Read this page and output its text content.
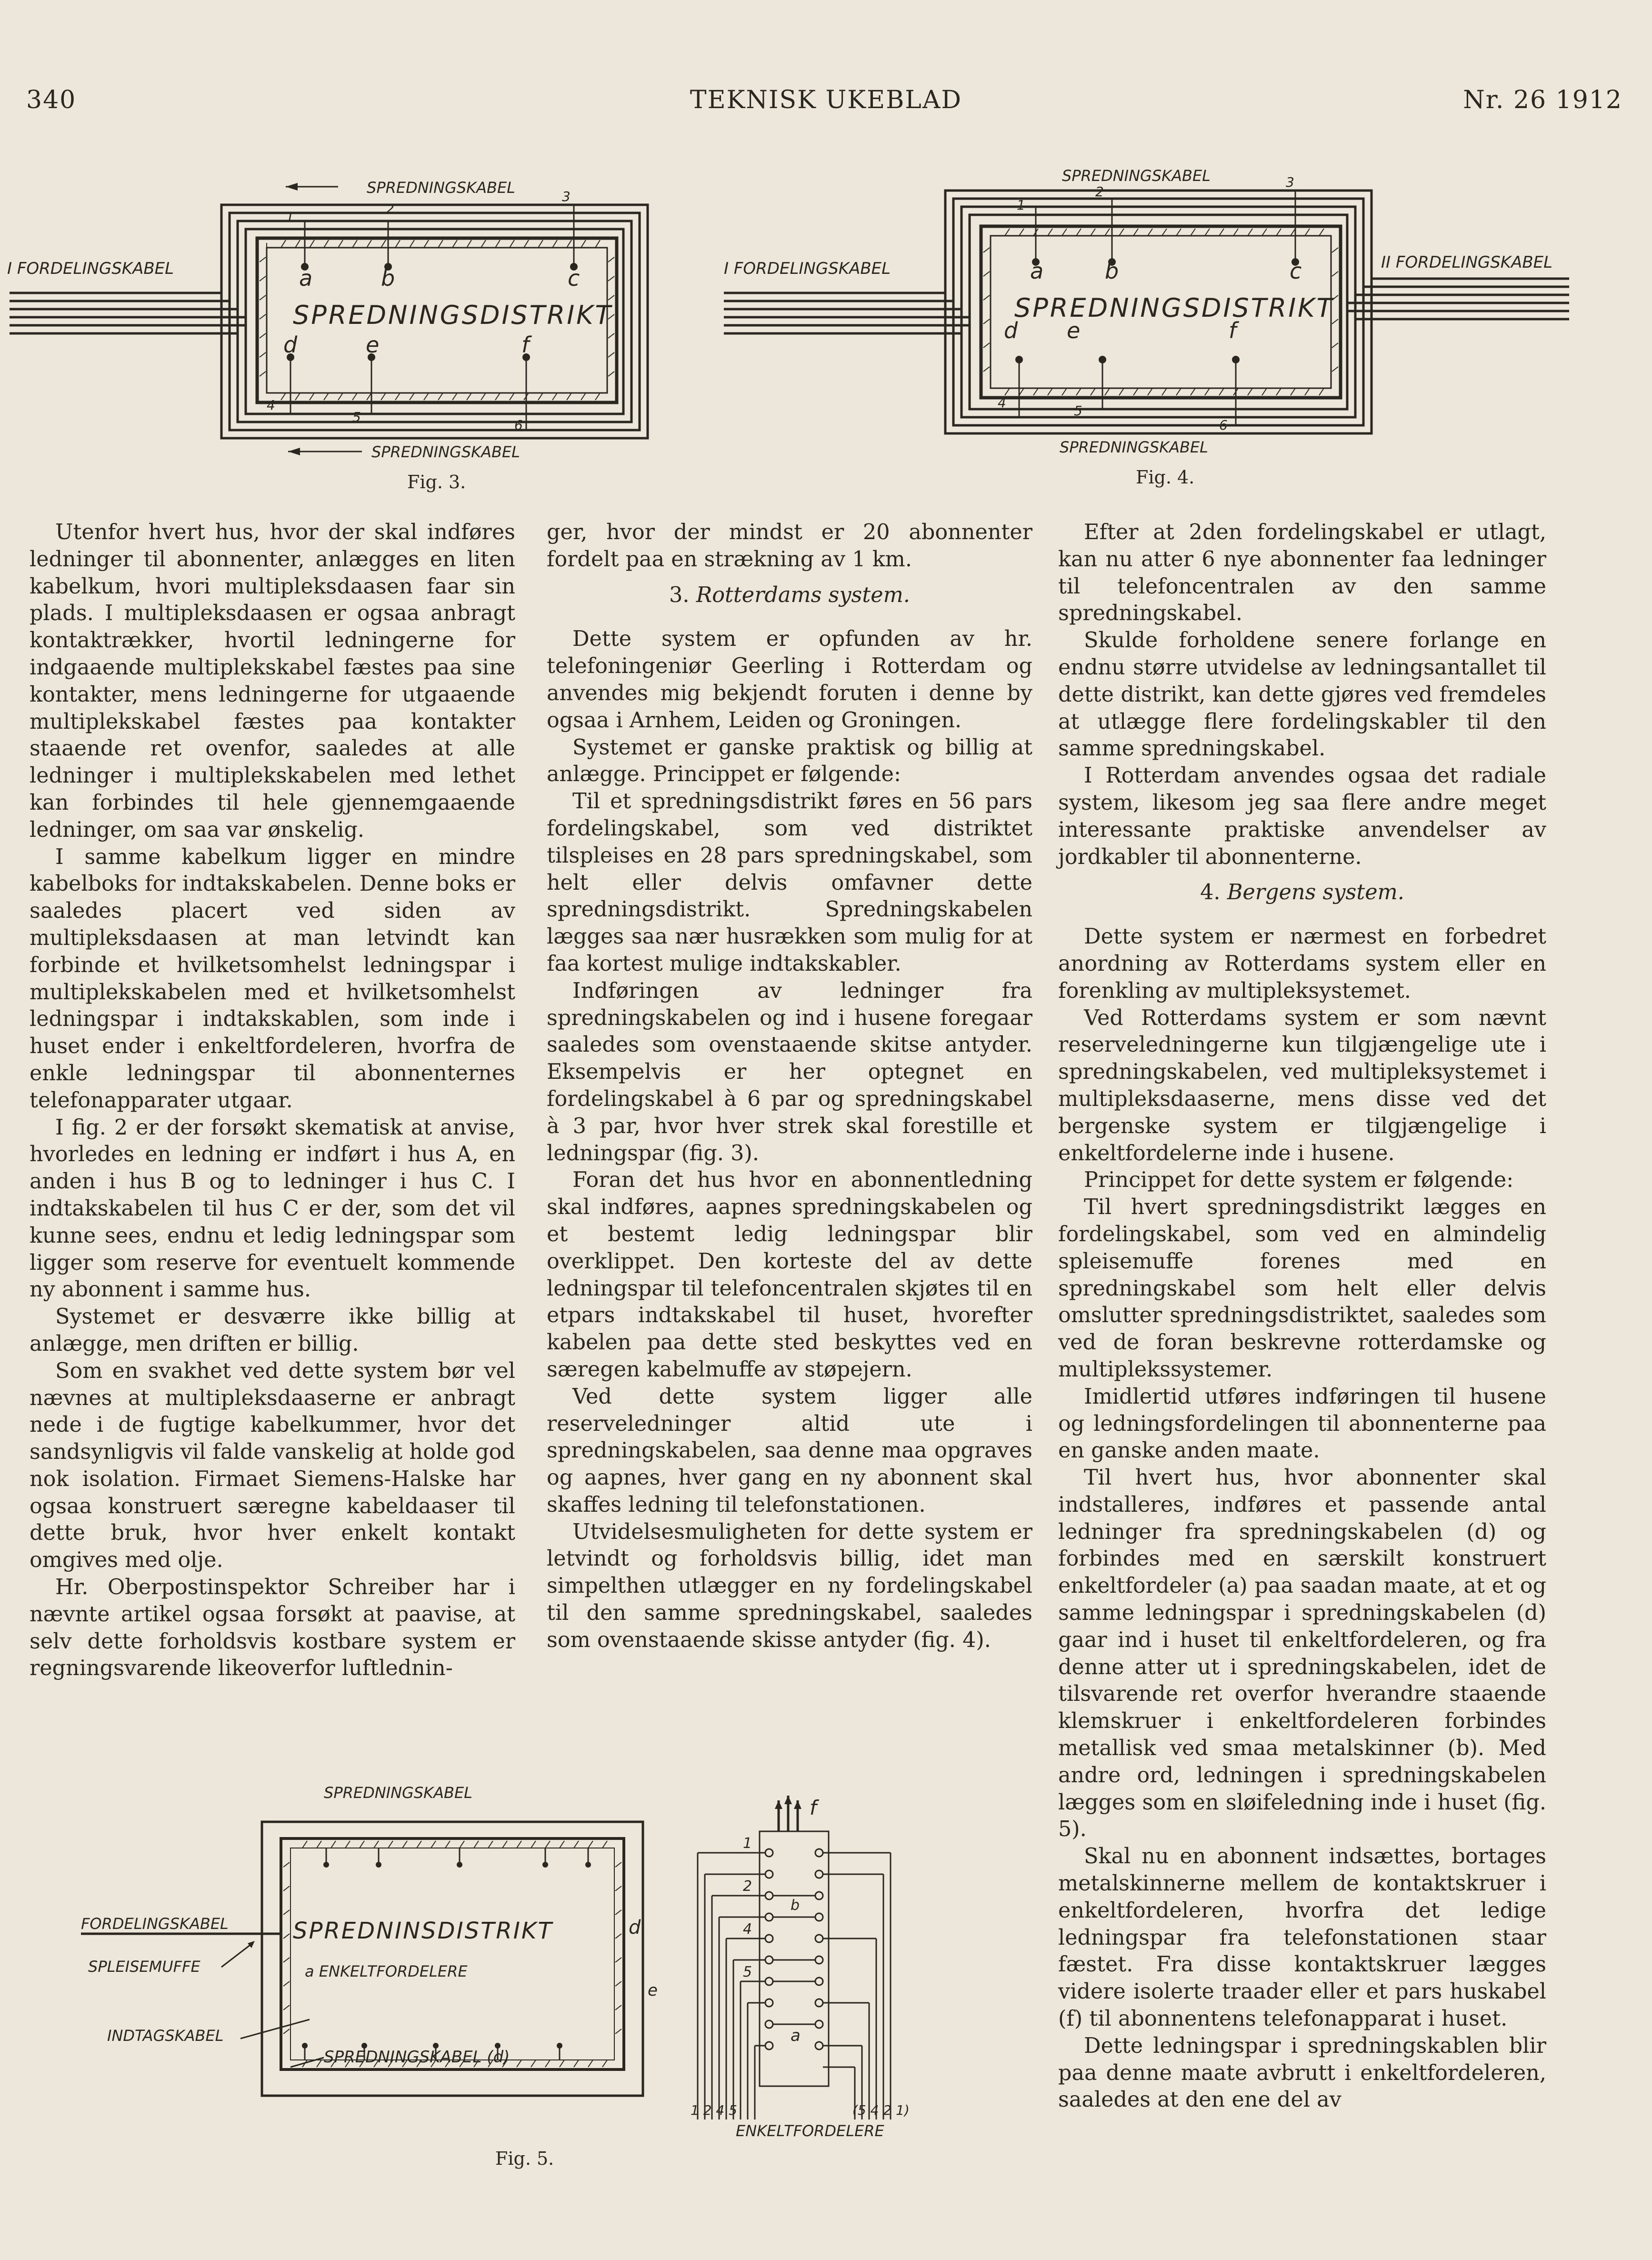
340	TEKNISK UKEBLAD	Nr. 26 1912
SPREDNINGSKABEL
SPREDNINGSKABEL
a	b	c
d	e	f
SPREDNINGSDISTRIKT
1
2
3
4
5
6
I FORDELINGSKABEL
Fig. 3.
SPREDNINGSKABEL
SPREDNINGSKABEL
a	b	c
d e	f
SPREDNINGSDISTRIKT
1
2
3
4
5
6
I FORDELINGSKABEL	II FORDELINGSKABEL
Fig. 4.

Utenfor hvert hus, hvor der skal indføres ledninger til abonnenter, anlægges en liten kabelkum, hvori multipleksdaasen faar sin plads. I multipleksdaasen er ogsaa anbragt kontaktrækker, hvortil ledningerne for indgaaende multiplekskabel fæstes paa sine kontakter, mens ledningerne for utgaaende multiplekskabel fæstes paa kontakter staaende ret ovenfor, saaledes at alle ledninger i multiplekskabelen med lethet kan forbindes til hele gjennemgaaende ledninger, om saa var ønskelig.

I samme kabelkum ligger en mindre kabelboks for indtakskabelen. Denne boks er saaledes placert ved siden av multipleksdaasen at man letvindt kan forbinde et hvilketsomhelst ledningspar i multiplekskabelen med et hvilketsomhelst ledningspar i indtakskablen, som inde i huset ender i enkeltfordeleren, hvorfra de enkle ledningspar til abonnenternes telefonapparater utgaar.

I fig. 2 er der forsøkt skematisk at anvise, hvorledes en ledning er indført i hus A, en anden i hus B og to ledninger i hus C. I indtakskabelen til hus C er der, som det vil kunne sees, endnu et ledig ledningspar som ligger som reserve for eventuelt kommende ny abonnent i samme hus.

Systemet er desværre ikke billig at anlægge, men driften er billig.

Som en svakhet ved dette system bør vel nævnes at multipleksdaaserne er anbragt nede i de fugtige kabelkummer, hvor det sandsynligvis vil falde vanskelig at holde god nok isolation. Firmaet Siemens-Halske har ogsaa konstruert særegne kabeldaaser til dette bruk, hvor hver enkelt kontakt omgives med olje.

Hr. Oberpostinspektor Schreiber har i nævnte artikel ogsaa forsøkt at paavise, at selv dette forholdsvis kostbare system er regningsvarende likeoverfor luftlednin-

ger, hvor der mindst er 20 abonnenter fordelt paa en strækning av 1 km.

3. Rotterdams system.

Dette system er opfunden av hr. telefoningeniør Geerling i Rotterdam og anvendes mig bekjendt foruten i denne by ogsaa i Arnhem, Leiden og Groningen.

Systemet er ganske praktisk og billig at anlægge. Princippet er følgende:

Til et spredningsdistrikt føres en 56 pars fordelingskabel, som ved distriktet tilspleises en 28 pars spredningskabel, som helt eller delvis omfavner dette spredningsdistrikt. Spredningskabelen lægges saa nær husrækken som mulig for at faa kortest mulige indtakskabler.

Indføringen av ledninger fra spredningskabelen og ind i husene foregaar saaledes som ovenstaaende skitse antyder. Eksempelvis er her optegnet en fordelingskabel à 6 par og spredningskabel à 3 par, hvor hver strek skal forestille et ledningspar (fig. 3).

Foran det hus hvor en abonnentledning skal indføres, aapnes spredningskabelen og et bestemt ledig ledningspar blir overklippet. Den korteste del av dette ledningspar til telefoncentralen skjøtes til en etpars indtakskabel til huset, hvorefter kabelen paa dette sted beskyttes ved en særegen kabelmuffe av støpejern.

Ved dette system ligger alle reserveledninger altid ute i spredningskabelen, saa denne maa opgraves og aapnes, hver gang en ny abonnent skal skaffes ledning til telefonstationen.

Utvidelsesmuligheten for dette system er letvindt og forholdsvis billig, idet man simpelthen utlægger en ny fordelingskabel til den samme spredningskabel, saaledes som ovenstaaende skisse antyder (fig. 4).

Efter at 2den fordelingskabel er utlagt, kan nu atter 6 nye abonnenter faa ledninger til telefoncentralen av den samme spredningskabel.

Skulde forholdene senere forlange en endnu større utvidelse av ledningsantallet til dette distrikt, kan dette gjøres ved fremdeles at utlægge flere fordelingskabler til den samme spredningskabel.

I Rotterdam anvendes ogsaa det radiale system, likesom jeg saa flere andre meget interessante praktiske anvendelser av jordkabler til abonnenterne.

4. Bergens system.

Dette system er nærmest en forbedret anordning av Rotterdams system eller en forenkling av multipleksystemet.

Ved Rotterdams system er som nævnt reserveledningerne kun tilgjængelige ute i spredningskabelen, ved multipleksystemet i multipleksdaaserne, mens disse ved det bergenske system er tilgjængelige i enkeltfordelerne inde i husene.

Princippet for dette system er følgende:

Til hvert spredningsdistrikt lægges en fordelingskabel, som ved en almindelig spleisemuffe forenes med en spredningskabel som helt eller delvis omslutter spredningsdistriktet, saaledes som ved de foran beskrevne rotterdamske og multiplekssystemer.

Imidlertid utføres indføringen til husene og ledningsfordelingen til abonnenterne paa en ganske anden maate.

Til hvert hus, hvor abonnenter skal indstalleres, indføres et passende antal ledninger fra spredningskabelen (d) og forbindes med en særskilt konstruert enkeltfordeler (a) paa saadan maate, at et og samme ledningspar i spredningskabelen (d) gaar ind i huset til enkeltfordeleren, og fra denne atter ut i spredningskabelen, idet de tilsvarende ret overfor hverandre staaende klemskruer i enkeltfordeleren forbindes metallisk ved smaa metalskinner (b). Med andre ord, ledningen i spredningskabelen lægges som en sløifeledning inde i huset (fig. 5).

Skal nu en abonnent indsættes, bortages metalskinnerne mellem de kontaktskruer i enkeltfordeleren, hvorfra det ledige ledningspar fra telefonstationen staar fæstet. Fra disse kontaktskruer lægges videre isolerte traader eller et pars huskabel (f) til abonnentens telefonapparat i huset.

Dette ledningspar i spredningskablen blir paa denne maate avbrutt i enkeltfordeleren, saaledes at den ene del av

SPREDNINGSKABEL
SPREDNINSDISTRIKT
a ENKELTFORDELERE
d
FORDELINGSKABEL
SPLEISEMUFFE
INDTAGSKABEL
SPREDNINGSKABEL (d)
f
1
2
4
5
b
a
e
1 2 4 5	(5 4 2 1)
ENKELTFORDELERE
Fig. 5.
